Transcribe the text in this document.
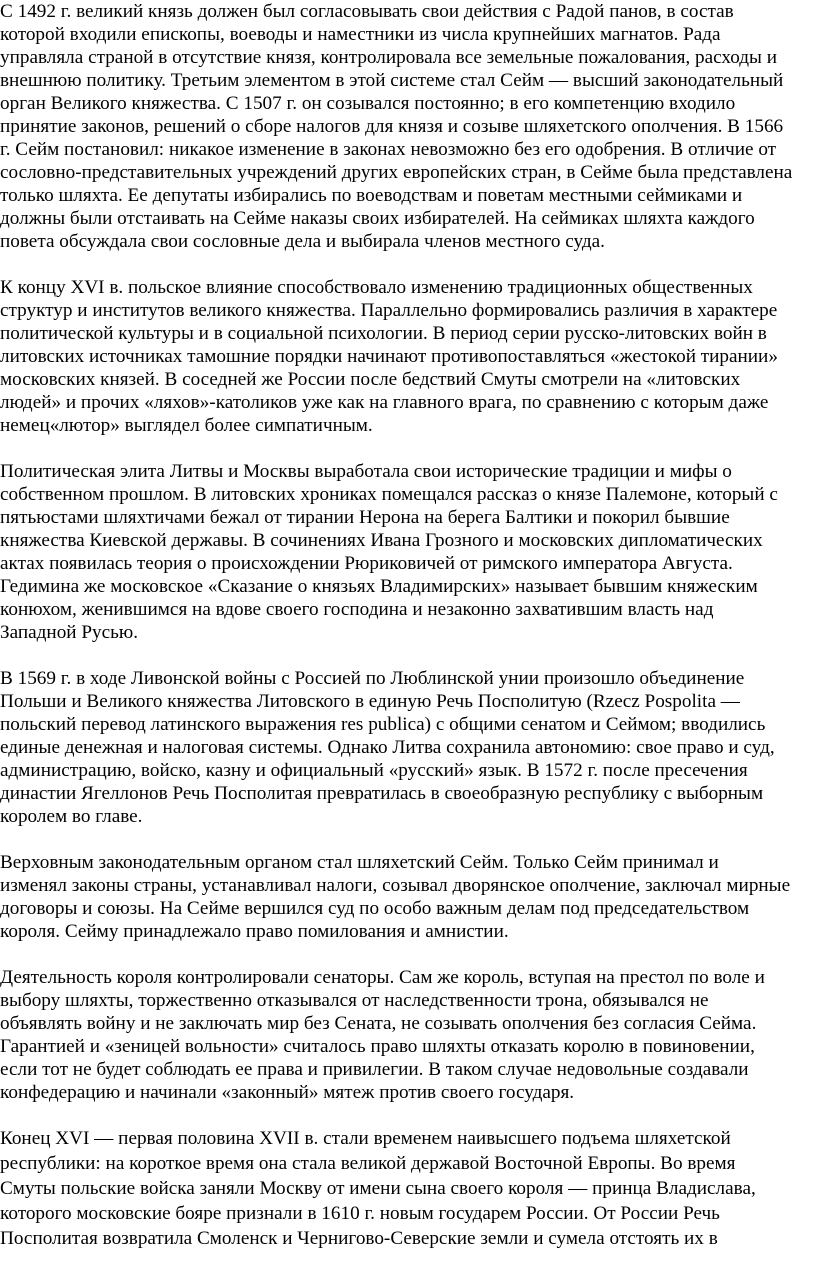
С 1492 г. великий князь должен был согласовывать свои действия с Радой панов, в состав
которой входили епископы, воеводы и наместники из числа крупнейших магнатов. Рада
управляла страной в отсутствие князя, контролировала все земельные пожалования, расходы и
внешнюю политику. Третьим элементом в этой системе стал Сейм — высший законодательный
орган Великого княжества. С 1507 г. он созывался постоянно; в его компетенцию входило
принятие законов, решений о сборе налогов для князя и созыве шляхетского ополчения. В 1566
г. Сейм постановил: никакое изменение в законах невозможно без его одобрения. В отличие от
сословно-представительных учреждений других европейских стран, в Сейме была представлена
только шляхта. Ее депутаты избирались по воеводствам и поветам местными сеймиками и
должны были отстаивать на Сейме наказы своих избирателей. На сеймиках шляхта каждого
повета обсуждала свои сословные дела и выбирала членов местного суда.
К концу XVI в. польское влияние способствовало изменению традиционных общественных
структур и институтов великого княжества. Параллельно формировались различия в характере
политической культуры и в социальной психологии. В период серии русско-литовских войн в
литовских источниках тамошние порядки начинают противопоставляться «жестокой тирании»
московских князей. В соседней же России после бедствий Смуты смотрели на «литовских
людей» и прочих «ляхов»-католиков уже как на главного врага, по сравнению с которым даже
немец«лютор» выглядел более симпатичным.
Политическая элита Литвы и Москвы выработала свои исторические традиции и мифы о
собственном прошлом. В литовских хрониках помещался рассказ о князе Палемоне, который с
пятьюстами шляхтичами бежал от тирании Нерона на берега Балтики и покорил бывшие
княжества Киевской державы. В сочинениях Ивана Грозного и московских дипломатических
актах появилась теория о происхождении Рюриковичей от римского императора Августа.
Гедимина же московское «Сказание о князьях Владимирских» называет бывшим княжеским
конюхом, женившимся на вдове своего господина и незаконно захватившим власть над
Западной Русью.
В 1569 г. в ходе Ливонской войны с Россией по Люблинской унии произошло объединение
Польши и Великого княжества Литовского в единую Речь Посполитую (Rzecz Pospolita —
польский перевод латинского выражения res publica) с общими сенатом и Сеймом; вводились
единые денежная и налоговая системы. Однако Литва сохранила автономию: свое право и суд,
администрацию, войско, казну и официальный «русский» язык. В 1572 г. после пресечения
династии Ягеллонов Речь Посполитая превратилась в своеобразную республику с выборным
королем во главе.
Верховным законодательным органом стал шляхетский Сейм. Только Сейм принимал и
изменял законы страны, устанавливал налоги, созывал дворянское ополчение, заключал мирные
договоры и союзы. На Сейме вершился суд по особо важным делам под председательством
короля. Сейму принадлежало право помилования и амнистии.
Деятельность короля контролировали сенаторы. Сам же король, вступая на престол по воле и
выбору шляхты, торжественно отказывался от наследственности трона, обязывался не
объявлять войну и не заключать мир без Сената, не созывать ополчения без согласия Сейма.
Гарантией и «зеницей вольности» считалось право шляхты отказать королю в повиновении,
если тот не будет соблюдать ее права и привилегии. В таком случае недовольные создавали
конфедерацию и начинали «законный» мятеж против своего государя.
Конец XVI — первая половина XVII в. стали временем наивысшего подъема шляхетской
республики: на короткое время она стала великой державой Восточной Европы. Во время
Смуты польские войска заняли Москву от имени сына своего короля — принца Владислава,
которого московские бояре признали в 1610 г. новым государем России. От России Речь
Посполитая возвратила Смоленск и Чернигово-Северские земли и сумела отстоять их в
